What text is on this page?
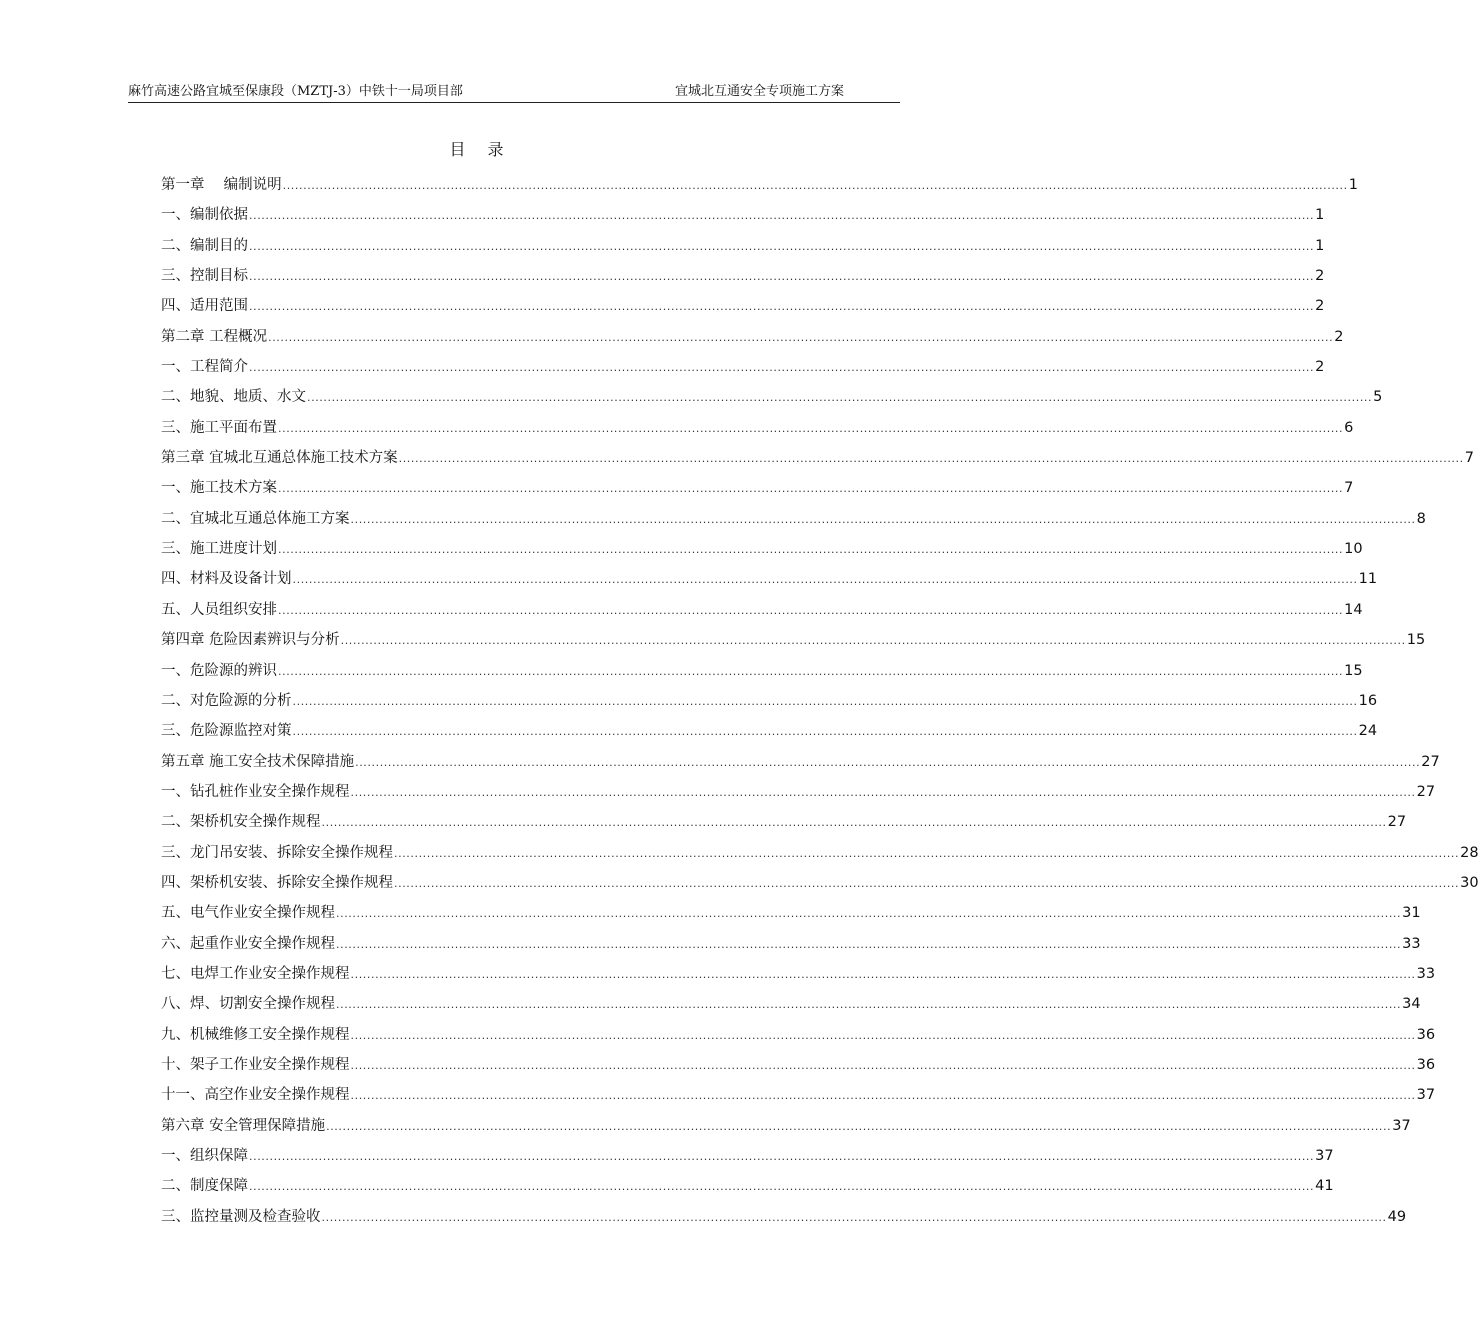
麻竹高速公路宜城至保康段（MZTJ-3）中铁十一局项目部	宜城北互通安全专项施工方案
目录
第一章　 编制说明 .................................................................................................................................................................................................................................................................... 1
一、编制依据 .................................................................................................................................................................................................................................................................... 1
二、编制目的 .................................................................................................................................................................................................................................................................... 1
三、控制目标 .................................................................................................................................................................................................................................................................... 2
四、适用范围 .................................................................................................................................................................................................................................................................... 2
第二章 工程概况 .................................................................................................................................................................................................................................................................... 2
一、工程简介 .................................................................................................................................................................................................................................................................... 2
二、地貌、地质、水文 .................................................................................................................................................................................................................................................................... 5
三、施工平面布置 .................................................................................................................................................................................................................................................................... 6
第三章 宜城北互通总体施工技术方案 .................................................................................................................................................................................................................................................................... 7
一、施工技术方案 .................................................................................................................................................................................................................................................................... 7
二、宜城北互通总体施工方案 .................................................................................................................................................................................................................................................................... 8
三、施工进度计划 .................................................................................................................................................................................................................................................................... 10
四、材料及设备计划 .................................................................................................................................................................................................................................................................... 11
五、人员组织安排 .................................................................................................................................................................................................................................................................... 14
第四章 危险因素辨识与分析 .................................................................................................................................................................................................................................................................... 15
一、危险源的辨识 .................................................................................................................................................................................................................................................................... 15
二、对危险源的分析 .................................................................................................................................................................................................................................................................... 16
三、危险源监控对策 .................................................................................................................................................................................................................................................................... 24
第五章 施工安全技术保障措施 .................................................................................................................................................................................................................................................................... 27
一、钻孔桩作业安全操作规程 .................................................................................................................................................................................................................................................................... 27
二、架桥机安全操作规程 .................................................................................................................................................................................................................................................................... 27
三、龙门吊安装、拆除安全操作规程 .................................................................................................................................................................................................................................................................... 28
四、架桥机安装、拆除安全操作规程 .................................................................................................................................................................................................................................................................... 30
五、电气作业安全操作规程 .................................................................................................................................................................................................................................................................... 31
六、起重作业安全操作规程 .................................................................................................................................................................................................................................................................... 33
七、电焊工作业安全操作规程 .................................................................................................................................................................................................................................................................... 33
八、焊、切割安全操作规程 .................................................................................................................................................................................................................................................................... 34
九、机械维修工安全操作规程 .................................................................................................................................................................................................................................................................... 36
十、架子工作业安全操作规程 .................................................................................................................................................................................................................................................................... 36
十一、高空作业安全操作规程 .................................................................................................................................................................................................................................................................... 37
第六章 安全管理保障措施 .................................................................................................................................................................................................................................................................... 37
一、组织保障 .................................................................................................................................................................................................................................................................... 37
二、制度保障 .................................................................................................................................................................................................................................................................... 41
三、监控量测及检查验收 .................................................................................................................................................................................................................................................................... 49
